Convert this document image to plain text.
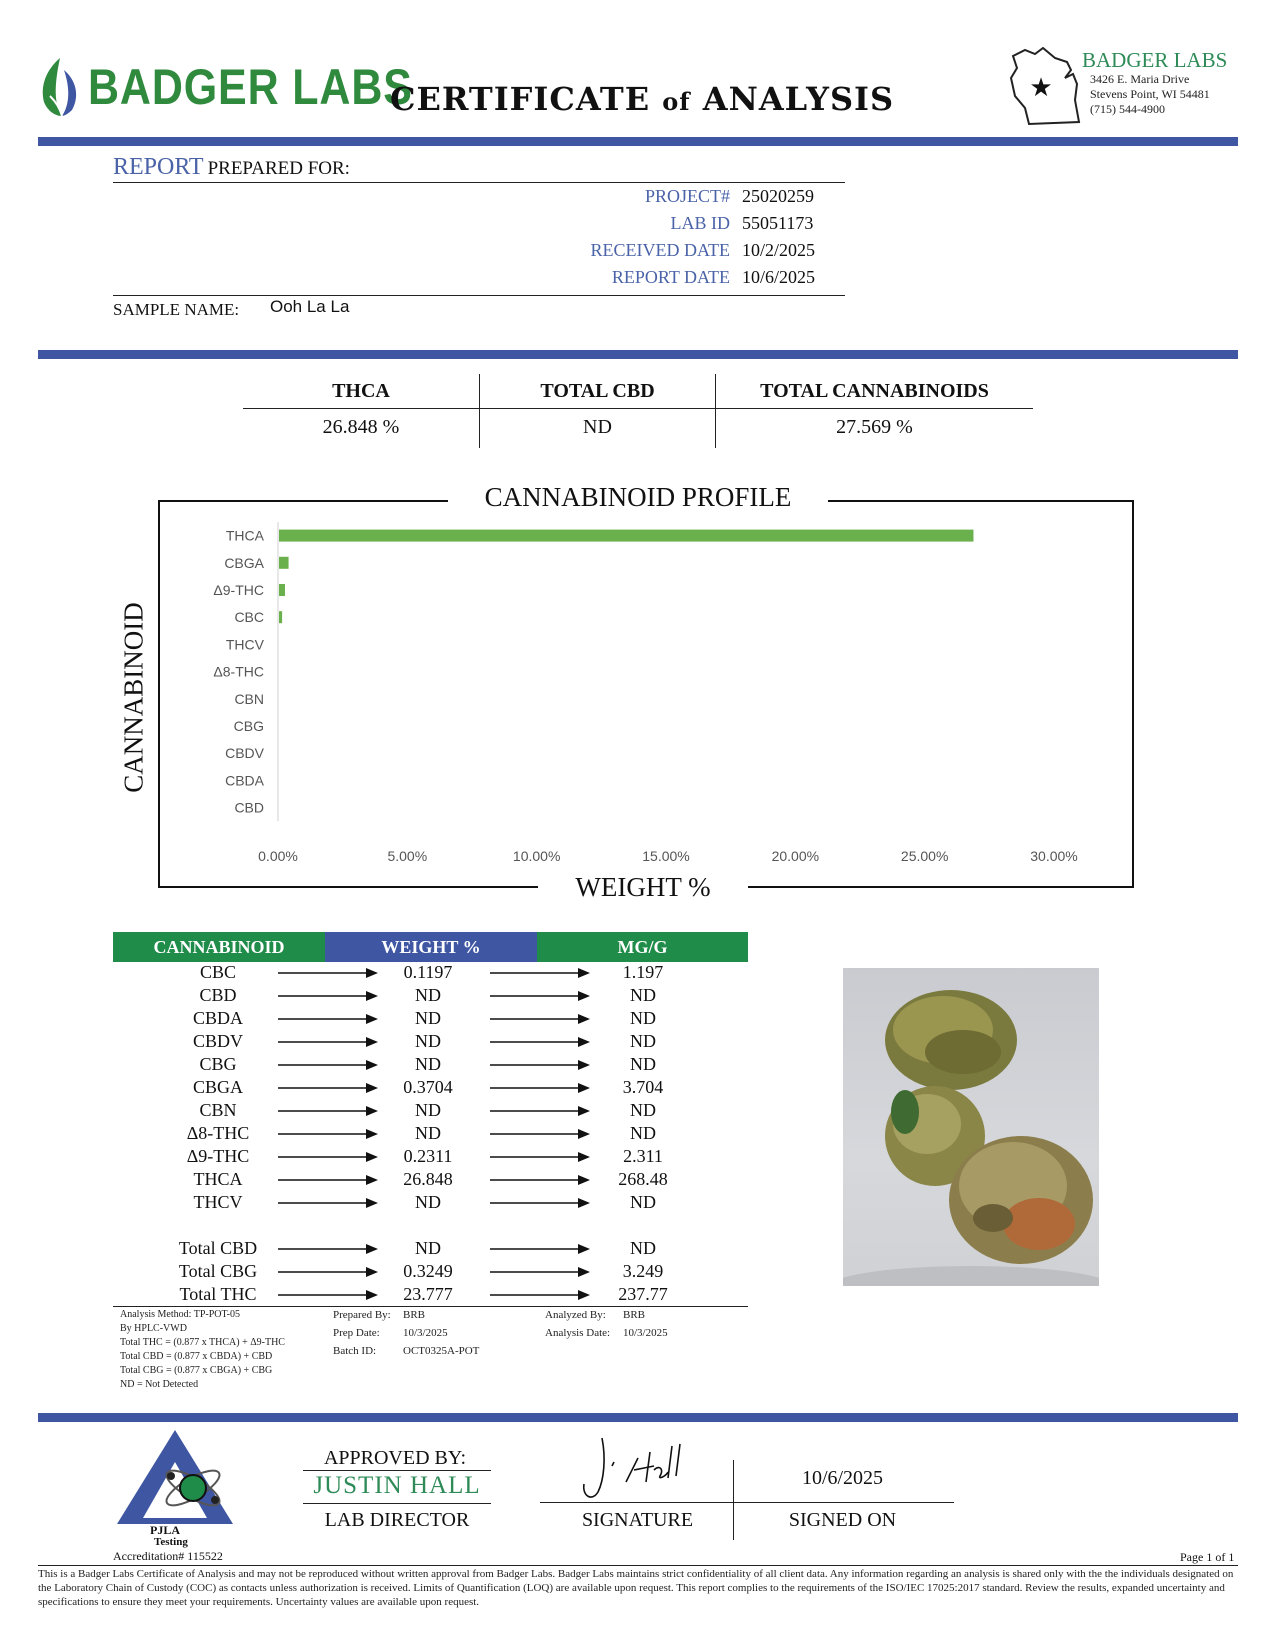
BADGER LABS
CERTIFICATE of ANALYSIS	★
BADGER LABS
3426 E. Maria Drive
Stevens Point, WI 54481
(715) 544-4900
REPORT PREPARED FOR:
PROJECT# 25020259
LAB ID 55051173
RECEIVED DATE 10/2/2025
REPORT DATE 10/6/2025
SAMPLE NAME: Ooh La La
THCA	TOTAL CBD	TOTAL CANNABINOIDS
26.848 %	ND	27.569 %
THCA
CBGA
Δ9-THC
CBC
THCV
Δ8-THC
CBN
CBG
CBDV
CBDA
CBD
0.00%	5.00%	10.00%	15.00%	20.00%	25.00%	30.00%
CANNABINOID PROFILE
WEIGHT %
CANNABINOID
CANNABINOID	WEIGHT %	MG/G
CBC	0.1197	1.197
CBD	ND	ND
CBDA	ND	ND
CBDV	ND	ND
CBG	ND	ND
CBGA	0.3704	3.704
CBN	ND	ND
Δ8-THC	ND	ND
Δ9-THC	0.2311	2.311
THCA	26.848	268.48
THCV	ND	ND
Total CBD	ND	ND
Total CBG	0.3249	3.249
Total THC	23.777	237.77
Analysis Method: TP-POT-05
By HPLC-VWD
Total THC = (0.877 x THCA) + Δ9-THC
Total CBD = (0.877 x CBDA) + CBD
Total CBG = (0.877 x CBGA) + CBG
ND = Not Detected
Prepared By: BRB
Prep Date: 10/3/2025
Batch ID: OCT0325A-POT
Analyzed By: BRB
Analysis Date: 10/3/2025
PJLA
Testing
Accreditation# 115522
APPROVED BY:
JUSTIN HALL
LAB DIRECTOR	SIGNATURE
10/6/2025
SIGNED ON
Page 1 of 1
This is a Badger Labs Certificate of Analysis and may not be reproduced without written approval from Badger Labs. Badger Labs maintains strict confidentiality of all client data. Any information regarding an analysis is shared only with the the individuals designated on the Laboratory Chain of Custody (COC) as contacts unless authorization is received. Limits of Quantification (LOQ) are available upon request. This report complies to the requirements of the ISO/IEC 17025:2017 standard. Review the results, expanded uncertainty and specifications to ensure they meet your requirements. Uncertainty values are available upon request.
